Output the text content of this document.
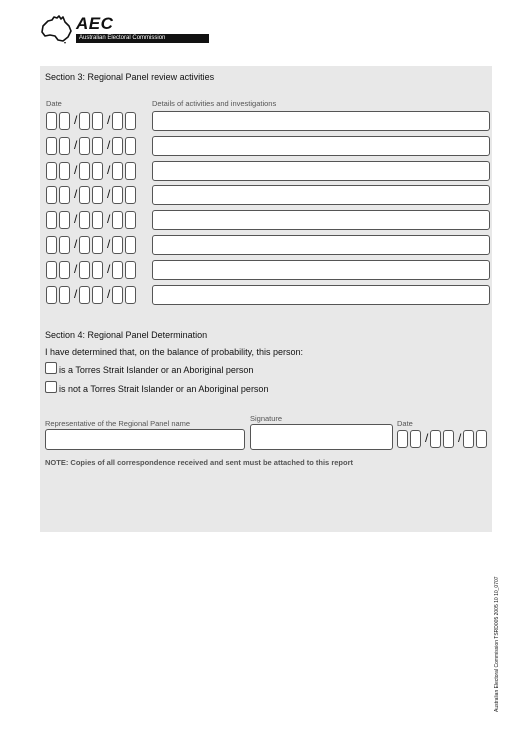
AEC
Australian Electoral Commission
Section 3: Regional Panel review activities
Date	Details of activities and investigations
/ /
/ /
/ /
/ /
/ /
/ /
/ /
/ /
Section 4: Regional Panel Determination
I have determined that, on the balance of probability, this person:
is a Torres Strait Islander or an Aboriginal person
is not a Torres Strait Islander or an Aboriginal person
Representative of the Regional Panel name
Signature
Date
/ /
NOTE: Copies of all correspondence received and sent must be attached to this report
Australian Electoral Commission TSRD005 2005 10 10_0707
